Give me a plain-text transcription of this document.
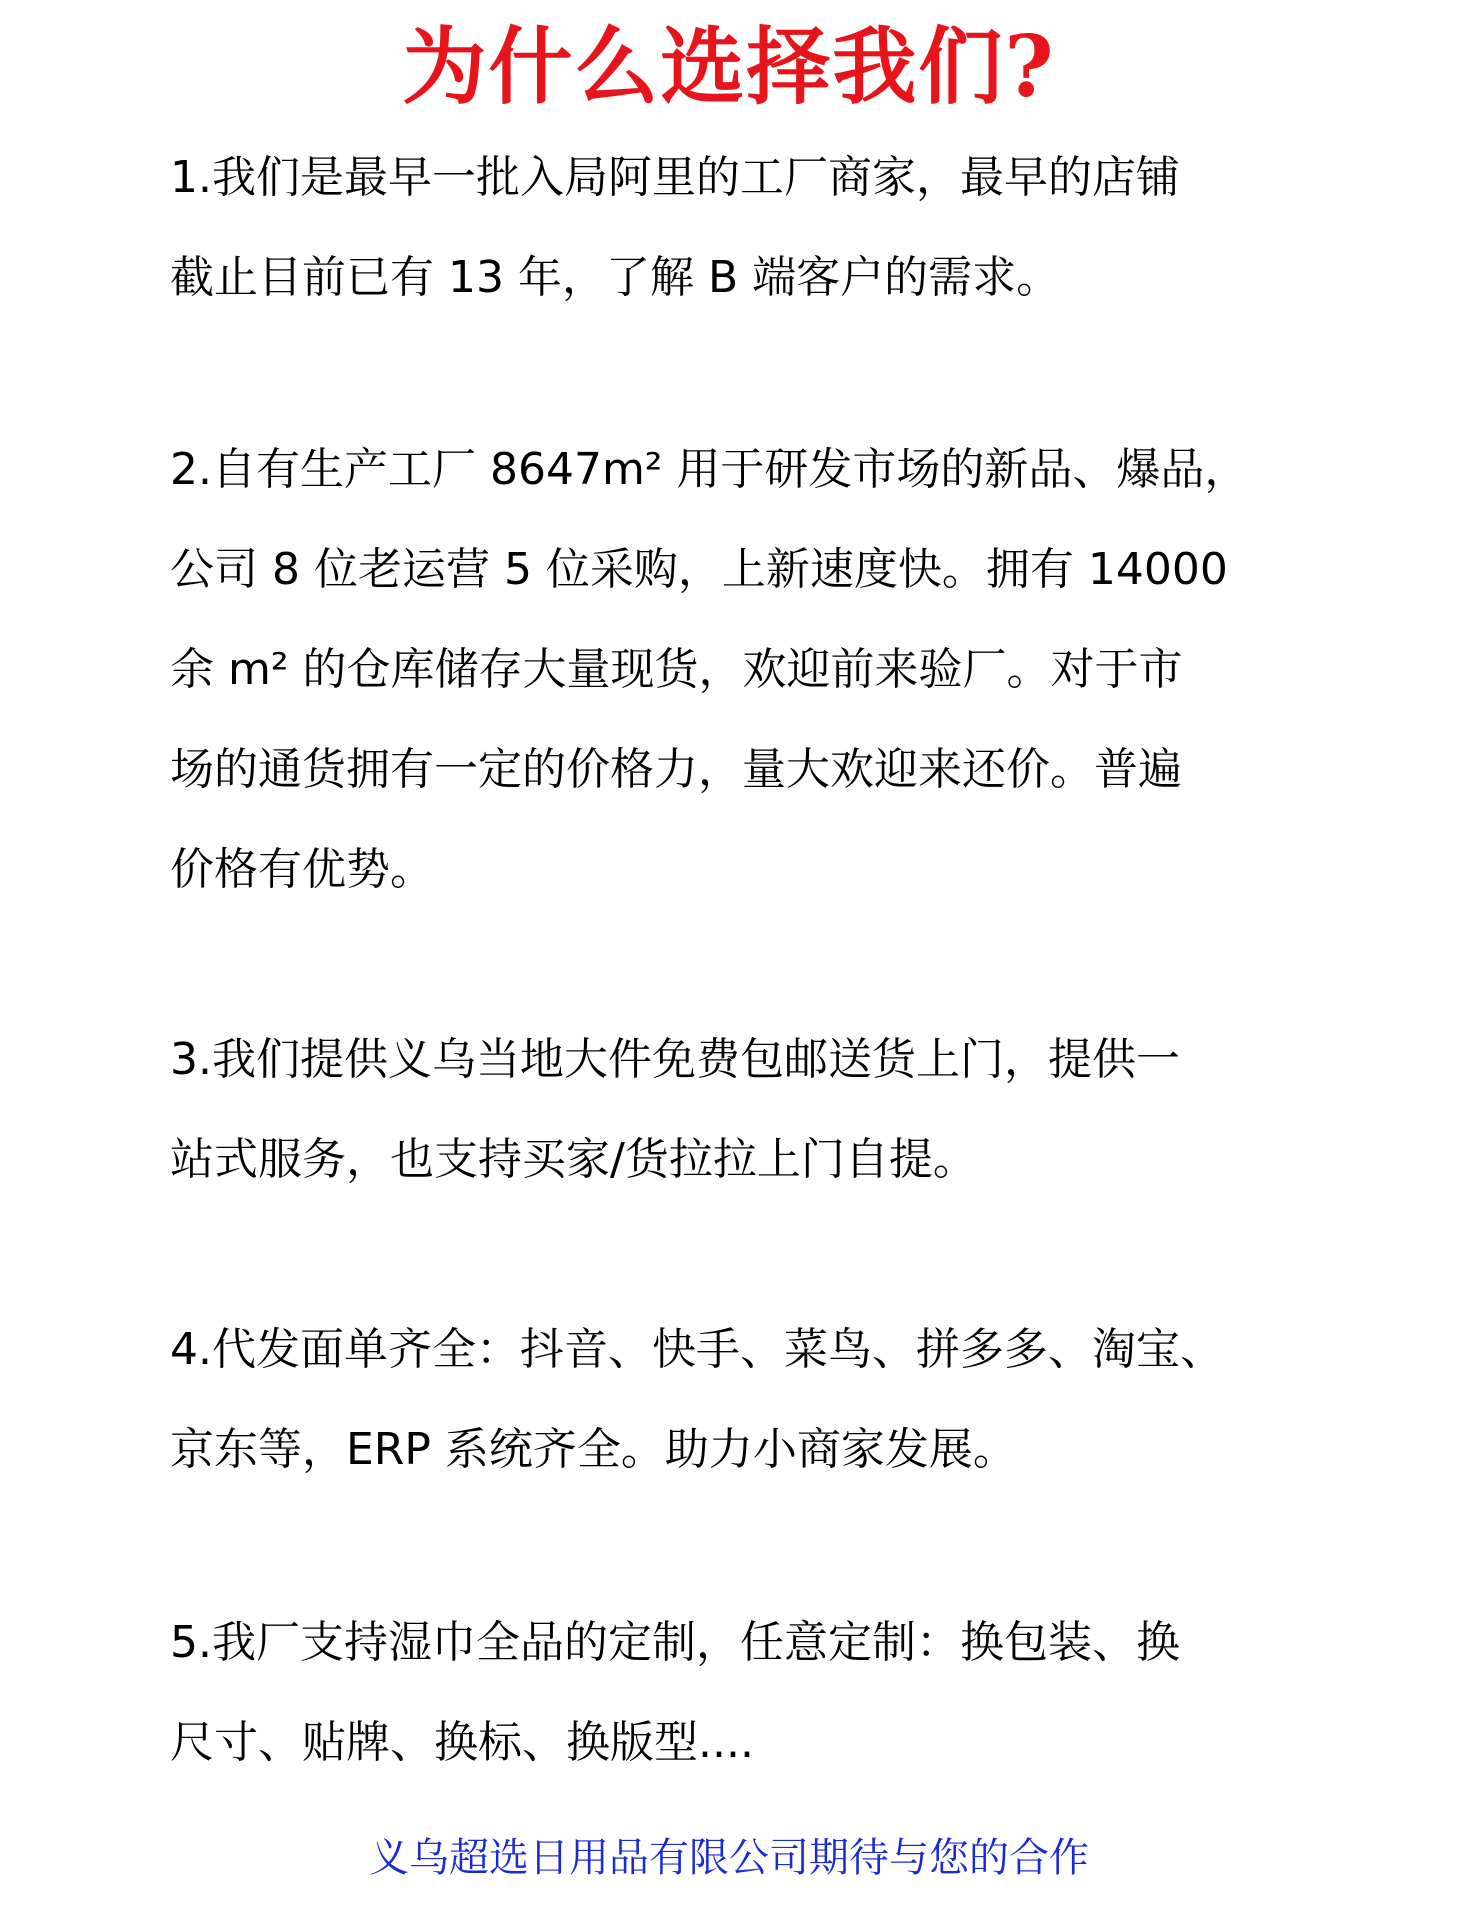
为什么选择我们?
1.我们是最早一批入局阿里的工厂商家，最早的店铺
截止目前已有 13 年，了解 B 端客户的需求。
2.自有生产工厂 8647m² 用于研发市场的新品、爆品，
公司 8 位老运营 5 位采购，上新速度快。拥有 14000
余 m² 的仓库储存大量现货，欢迎前来验厂。对于市
场的通货拥有一定的价格力，量大欢迎来还价。普遍
价格有优势。
3.我们提供义乌当地大件免费包邮送货上门，提供一
站式服务，也支持买家/货拉拉上门自提。
4.代发面单齐全：抖音、快手、菜鸟、拼多多、淘宝、
京东等，ERP 系统齐全。助力小商家发展。
5.我厂支持湿巾全品的定制，任意定制：换包装、换
尺寸、贴牌、换标、换版型....
义乌超选日用品有限公司期待与您的合作
